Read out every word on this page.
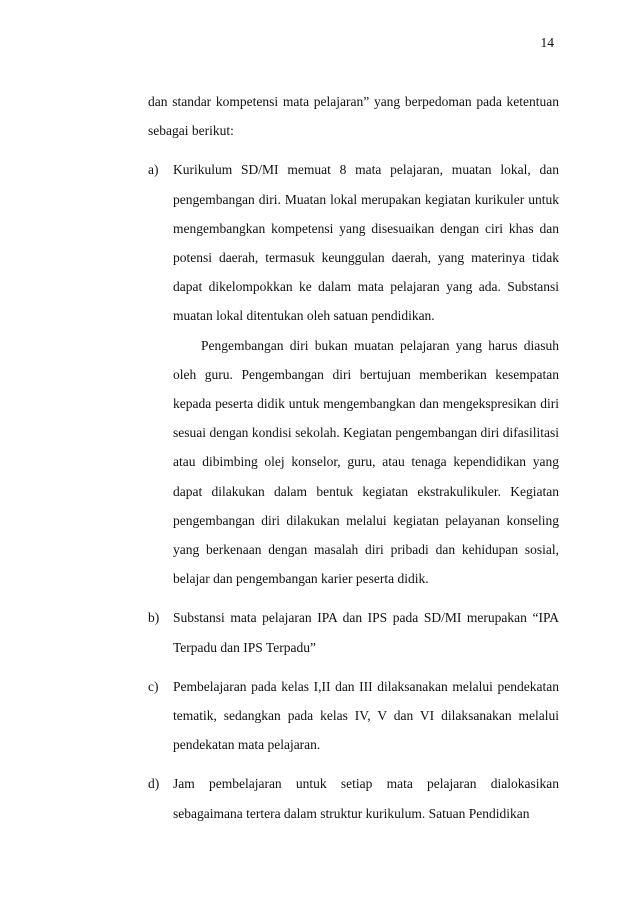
14

dan standar kompetensi mata pelajaran” yang berpedoman pada ketentuan sebagai berikut:

a)	Kurikulum SD/MI memuat 8 mata pelajaran, muatan lokal, dan pengembangan diri. Muatan lokal merupakan kegiatan kurikuler untuk mengembangkan kompetensi yang disesuaikan dengan ciri khas dan potensi daerah, termasuk keunggulan daerah, yang materinya tidak dapat dikelompokkan ke dalam mata pelajaran yang ada. Substansi muatan lokal ditentukan oleh satuan pendidikan.

Pengembangan diri bukan muatan pelajaran yang harus diasuh oleh guru. Pengembangan diri bertujuan memberikan kesempatan kepada peserta didik untuk mengembangkan dan mengekspresikan diri sesuai dengan kondisi sekolah. Kegiatan pengembangan diri difasilitasi atau dibimbing olej konselor, guru, atau tenaga kependidikan yang dapat dilakukan dalam bentuk kegiatan ekstrakulikuler. Kegiatan pengembangan diri dilakukan melalui kegiatan pelayanan konseling yang berkenaan dengan masalah diri pribadi dan kehidupan sosial, belajar dan pengembangan karier peserta didik.

b)	Substansi mata pelajaran IPA dan IPS pada SD/MI merupakan “IPA Terpadu dan IPS Terpadu”

c)	Pembelajaran pada kelas I,II dan III dilaksanakan melalui pendekatan tematik, sedangkan pada kelas IV, V dan VI dilaksanakan melalui pendekatan mata pelajaran.

d)	Jam pembelajaran untuk setiap mata pelajaran dialokasikan sebagaimana tertera dalam struktur kurikulum. Satuan Pendidikan
